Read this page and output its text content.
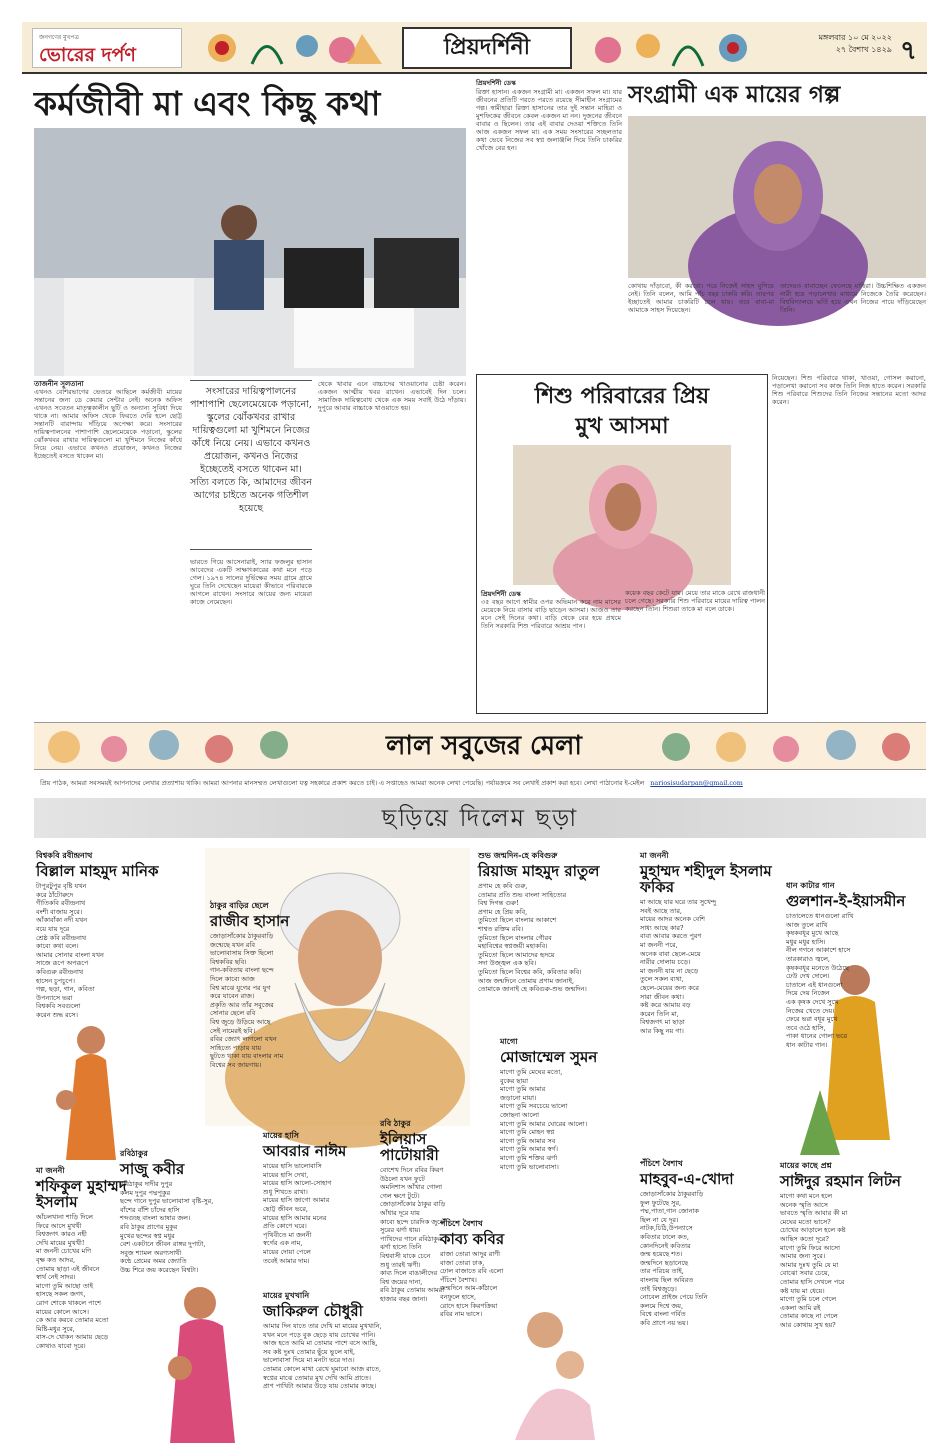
জনগণের মুখপত্র
ভোরের দর্পণ	প্রিয়দর্শিনী	মঙ্গলবার ১০ মে ২০২২
২৭ বৈশাখ ১৪২৯ ৭
কর্মজীবী মা এবং কিছু কথা
তাজনীন সুলতানা
এখনও বেশিরভাগের ভেতরে আছিলে কর্মজীবী মায়ের সন্তানের জন্য ডে কেয়ার সেন্টার নেই। অনেক অফিস এখনও সবেতন মাতৃত্বকালীন ছুটি ও অন্যান্য সুবিধা দিয়ে থাকে না। আমার অফিস থেকে ফিরতে দেরি হলে ছোট্ট সন্তানটি বারান্দায় দাঁড়িয়ে অপেক্ষা করে। সংসারের দায়িত্বপালনের পাশাপাশি ছেলেমেয়েকে পড়ানো, স্কুলের ঝোঁকখবর রাখার দায়িত্বগুলো মা খুশিমনে নিজের কাঁধে নিয়ে নেয়। এভাবে কখনও প্রয়োজন, কখনও নিজের ইচ্ছেতেই বসতে থাকেন মা।
সংসারের দায়িত্বপালনের পাশাপাশি ছেলেমেয়েকে পড়ানো, স্কুলের ঝোঁকখবর রাখার দায়িত্বগুলো মা খুশিমনে নিজের কাঁধে নিয়ে নেয়। এভাবে কখনও প্রয়োজন, কখনও নিজের ইচ্ছেতেই বসতে থাকেন মা। সত্যি বলতে কি, আমাদের জীবন আগের চাইতে অনেক গতিশীল হয়েছে
ভারতে গিয়ে আসেনারাই, স্যার ফজলুর হাসান আবেদের একটি সাক্ষাৎকারের কথা মনে পড়ে গেল। ১৯৭৪ সালের দুর্ভিক্ষের সময় গ্রামে গ্রামে ঘুরে তিনি দেখেছেন মায়েরা কীভাবে পরিবারকে আগলে রাখেন। সংসারে আয়ের জন্য মায়েরা কাজে নেমেছেন।
থেকে খাবার এনে বাচ্চাদের খাওয়ানোর চেষ্টা করেন। একজন আত্মীয় খবর রাখেন। এভাবেই দিন চলে। সামাজিক দায়িত্ববোধ থেকে এক সময় সবাই উঠে দাঁড়ায়। দুপুরে আবার বাচ্চাকে খাওয়াতে হয়।
প্রিয়দর্শিনী ডেস্ক
রিক্তা হাসান। একজন সংগ্রামী মা। একজন সফল মা। যার জীবনের প্রতিটি পরতে পরতে রয়েছে সীমাহীন সংগ্রামের গল্প। স্বামীহারা রিক্তা হাসানের তার দুই সন্তান মাহিরা ও মুশফিকের জীবনে কেবল একজন মা নন। দুজনের জীবনে বাবার ও ছিলেন। তার এই বাবার দেওয়া শক্তিতে তিনি আজ একজন সফল মা। এক সময় সংসারের সচ্ছলতার কথা ভেবে নিজের সব স্বপ্ন জলাঞ্জলি দিয়ে তিনি চাকরির খোঁজে বের হন।
সংগ্রামী এক মায়ের গল্প
কোথায় দাঁড়াবো, কী করবো। পরে নিজেই সাহস যুগিয়ে নেই। তিনি বলেন, আমি পাঁচ বছর চাকরি করি। তারপর ইচ্ছাতেই আমার চাকরিটি চলে যায়। তবে বাবা-মা আমাকে সাহস দিয়েছেন।
তাদেরও বাবাচ্ছেন ফেলেছে মাহিরা। উচ্চশিক্ষিত একজন নারী হয়ে পড়ালেখার মাধ্যমে নিজেকে তৈরি করেছেন। বিশ্ববিদ্যালয়ে ভর্তি হয়ে এখন নিজের পায়ে দাঁড়িয়েছেন তিনি।
শিশু পরিবারের প্রিয়
মুখ আসমা
প্রিয়দর্শিনী ডেস্ক
৩৫ বছর আগে স্বামীর ওপর অভিমান করে নাম মাসের মেয়েকে নিয়ে বাসার বাড়ি ছাড়েন আসমা। আজও তার মনে সেই দিনের কথা। বাড়ি থেকে বের হয়ে প্রথমে তিনি সরকারি শিশু পরিবারে আশ্রয় পান।
কয়েক বছর কেটে যায়। মেয়ে তার মাকে রেখে রাজধানী চলে গেছে। সরকারি শিশু পরিবারে মায়ের দায়িত্ব পালন করছেন তিনি। শিশুরা তাকে মা বলে ডাকে।
নিয়েছেন। শিশু পরিবারে থাকা, খাওয়া, গোসল করানো, পড়ালেখা করানো সব কাজ তিনি নিজ হাতে করেন। সরকারি শিশু পরিবারে শিশুদের তিনি নিজের সন্তানের মতো আদর করেন।
লাল সবুজের মেলা
প্রিয় পাঠক, আমরা সবসময়ই আপনাদের লেখার প্রত্যাশায় থাকি। আমরা আপনার মানসম্মত লেখাগুলো যত্ন সহকারে প্রকাশ করতে চাই। এ সপ্তাহেও আমরা অনেক লেখা পেয়েছি। পর্যায়ক্রমে সব লেখাই প্রকাশ করা হবে। লেখা পাঠানোর ই-মেইল nariosisudarpan@gmail.com
ছড়িয়ে দিলেম ছড়া
বিশ্বকবি রবীন্দ্রনাথ
বিল্লাল মাহমুদ মানিক
টাপুরটুপুর বৃষ্টি যখন
করে ঠাঁটোরুদে
গীতিকবি রবীন্দ্রনাথ
বংশী বাজায় সুরে।
আঁকাবাঁকা নদী যখন
বয়ে যায় দূরে
শ্রেষ্ঠ কবি রবীন্দ্রনাথ
কাব্যে কথা বলে।
আমার সোনার বাংলা যখন
সাজে রূপে অপরূপে
কবিগুরু রবীন্দ্রনাথ
হাসেন চুপচুপে।
গল্প, ছড়া, গান, কবিতা
উপন্যাসে ভরা
বিশ্বকবি সবগুলো
করেন শুদ্ধ রসে।
ঠাকুর বাড়ির ছেলে
রাজীব হাসান
জোড়াসাঁকোর ঠাকুরবাড়ি
জন্মেছে যখন রবি
ভালোবাসায় সিক্ত ছিলো
বিশ্বকবির ছবি।
গান-কবিতায় বাংলা ছন্দে
দিলে কাব্যে আজ
বিশ্ব মাঝে যুগের পর যুগ
করে যাবেন রাজ।
প্রকৃতি আর তাঁর সবুজের
সোনার ছেলে রবি
বিশ্ব জুড়ে উড়িয়ে আছে
সেই নামেরই ছবি।
রবির জ্যোৎ লাগলো যখন
সাহিত্যে পাড়ায় যায়
ছুটতে থাকা যায় বাংলার নাম
বিশ্বের সব জায়গায়।
রবিঠাকুর
সাজু কবীর
রবিঠাকুর দাদীর দুপুর
কলম দুপুর পদ্মপুকুর
ছন্দে গানে দুপুর ভালোবাসা বৃষ্টি-সুর,
বাঁশের বাঁশি চাঁদের হাসি
শব্দগুচ্ছ বাংলা ভাষার জল।
রবি ঠাকুর প্রাণের মুকুর
মুখের ছন্দের স্বপ্ন মধুর
বেশ একটানে জীবন রাঙ্গর দুপাটা,
সবুজ শ্যামল অরণ্যসাথী
কন্ঠে প্রেমের অমর জ্যোতি
উচ্চ শিরে জয় করেছেন বিশ্বটা।
মা জননী
শফিকুল মুহাম্মদ ইসলাম
আঁচলখানা শাড়ি দিলে
ফিরে আসে মুখখী
বিশ্বজগৎ কারও নহী
দেখি মায়ের মুখখী!
মা জননী চোখের মণি
বৃক্ষ কত আদর,
তোমায় ছাড়া এই জীবনে
স্বার্থ নেই সাদর।
মাগো তুমি আছো তাই
হাসছে সকল জগৎ,
রোগ শোকে থাকলে পাশে
মায়ের কোলে আসে।
কে আর করবে তোমার মতো
মিষ্টি-মধুর সুরে,
বাস-দে খোকন আমায় ছেড়ে
কোথাও যাবো দূরে।
মায়ের হাসি
আবরার নাঈম
মায়ের হাসি ভালোবাসি
মায়ের হাসি দেখা,
মায়ের হাসি আলো-সোহাগ
শুধু শিখতে রাখা।
মায়ের হাসি জাগো আমার
ছোট্ট জীবন ভরে,
মায়ের হাসি আমার মনের
প্রতি কোণে ঘরে।
পৃথিবীতে মা জননী
স্বর্গের এক নাম,
মায়ের দোয়া পেলে
তবেই আমার দাম।
রবি ঠাকুর
ইলিয়াস পাটোয়ারী
বোশেখ দিনে রবির কিরণ
উঠলো যখন ফুটে
অমনিশাস আঁখার গোলা
গেল ক্ষণে টুটে।
জোড়াসাঁকোর ঠাকুর বাড়ি
আঁধার দূরে যায়
কাব্যে ছন্দে চারদিক জুড়ে
সুরের ঝর্ণা ধায়।
পাখিদের গানে রবিঠাকুর
ঝর্ণা হাস্যে তিনি
বিশ্ববাসী যাকে চেনে
শুধু তারই ঋণী।
কাব্য দিলে বাঙালীদের
বিশ্ব জয়ের দানা,
রবি ঠাকুর তোমায় আমরা
হাজার বছর জানা।
মায়ের মুখখানি
জাকিরুল চৌধুরী
আমার দিন যাতে তার দেখি মা মায়ের মুখখানি,
যখন মনে পড়ে বুক ছেড়ে যায় চোখের পানি।
আজ হতে আমি মা তোমার পাশে বসে আছি,
সব কষ্ট দুঃখ তোমার ছুঁয়ে ভুলে যাই,
ভালোবাসা দিয়ে মা মনটা ভরে দাও।
তোমার কোলে মাথা রেখে ঘুমাবো আজ রাতে,
স্বপ্নের মাঝে তোমার মুখ দেখি আমি প্রাতে।
প্রাণ পাখিটা আমার উড়ে যায় তোমার কাছে।
শুভ জন্মদিন-হে কবিগুরু
রিয়াজ মাহমুদ রাতুল
প্রণাম হে কবি গুরু,
তোমার প্রতি শুভ বাংলা সাহিত্যের
বিশ্ব দিগন্ত গুরু!
প্রণাম হে প্রিয় কবি,
তুমিতো ছিলে বাংলার আকাশে
শাশ্বত রক্তিম রবি।
তুমিতো ছিলে বাংলার গৌরব
মহাবিশ্বের স্বপ্নজয়ী মহাকবি।
তুমিতো ছিলে আমাদের হৃদয়ে
সদা উজ্জ্বল এক ছবি।
তুমিতো ছিলে বিশ্বের কবি, কবিতার কবি।
আজ জন্মদিনে তোমায় প্রণাম জানাই,
তোমাকে জানাই হে কবিগুরু-শুভ জন্মদিন।
মাগো
মোজাম্মেল সুমন
মাগো তুমি মেঘের মতো,
বুকের ছায়া
মাগো তুমি আমার
জড়ানো মায়া।
মাগো তুমি সবচেয়ে ভালো
জোছনা আলো
মাগো তুমি আমার ঘোরের আলো।
মাগো তুমি মোহন স্বপ্ন
মাগো তুমি আমার সব
মাগো তুমি আমার স্বর্গ।
মাগো তুমি শক্তির ঝর্ণা
মাগো তুমি ভালোবাসা।
পঁচিশে বৈশাখ
কাব্য কবির
রাজা তোরা আদুর রাণী
বাজা তোরা ঢাক,
ঢোল বাজাতে রবি এলো
পঁচিশে বৈশাখ।
জন্মদিনে আম-কাঁঠালে
বনফুলে হাসে,
রোদে হাসে কিরণক্রিয়া
রবির নাম ভাসে।
মা জননী
মুহাম্মদ শহীদুল ইসলাম ফকির
মা আছে যার ঘরে তার সুখেন্দু
সবই আছে তার,
মায়ের আদর অনেক বেশি
সাধ্য আছে কার?
বাবা আবার করতে পুরণ
মা জননী পরে,
অনেক বাবা ছেলে-মেয়ে
নারীর দোলায় চড়ে।
মা জননী যায় না ছেড়ে
তুলে সকল ব্যথা,
ছেলে-মেয়ের জন্য করে
সারা জীবন কথা।
কষ্ট করে আমায় বড়
করেন তিনি মা,
বিশ্বজগৎ মা ছাড়া
আর কিছু নয় গা।
ধান কাটার গান
গুলশান-ই-ইয়াসমীন
চাতালেতে ধানগুলো রাখি
আজ তুলে রাখি
কৃষকবধূর মুখে আছে
মধুর মধুর হাসি।
নীল গগনে আকাশে হাসে
তারকারাও জ্বলে,
কৃষকবধূর মনেতে উঠেছে
ঢেউ দেখ দোলে।
চাতালে এই ধানগুলো
দিয়ে দেয় নিজেন
এক কৃষক দেখে সুখে
নিজের খেতে দেয়।
ফেরে ভরা বধূর মুখে
তবে ওঠে হাসি,
পাকা ধানের গোলা ভরে
ধান কাটার গান।
পঁচিশে বৈশাখ
মাহবুব-এ-খোদা
জোড়াসাঁকোর ঠাকুরবাড়ি
ফুল ফুটেছে সুর,
পদ্ম,পাতা,গান জোনাক
ছিল না যে দূর।
নাটক,চিঠি,উপন্যাসে
কবিতার ঢালে কত,
কোনদিনেই কবিতার
জন্ম হয়েছে শত।
জন্মদিনে ছড়ানেছে
তার পরিচয় তাই,
বাংলায় ছিল অবিরত
তাই বিশ্বজুড়ে।
নোবেল প্রাইজ পেয়ে তিনি
কলমে দিশ্বে জয়,
বিশ্বে বাংলা গর্বিত
কবি প্রাণে নয় ভয়।
মায়ের কাছে প্রশ্ন
সাঈদুর রহমান লিটন
মাগো কথা মনে হলে
অনেক স্মৃতি আসে
ভাবতে স্মৃতি আবার কী মা
মেঘের মতো ভাসে?
চোখের আড়ালে হলে কষ্ট
আছিস কতো দূরে?
মাগো তুমি ফিরে আসো
আমার জন্য সুরে।
আমার দুঃখ তুমি যে মা
বোঝো সবার চেয়ে,
তোমার হাসি দেখলে পরে
কষ্ট যায় মা ধেয়ে।
মাগো তুমি চলে গেলে
একলা আমি রই
তোমার কাছে না গেলে
আর কোথায় সুখ হয়?
